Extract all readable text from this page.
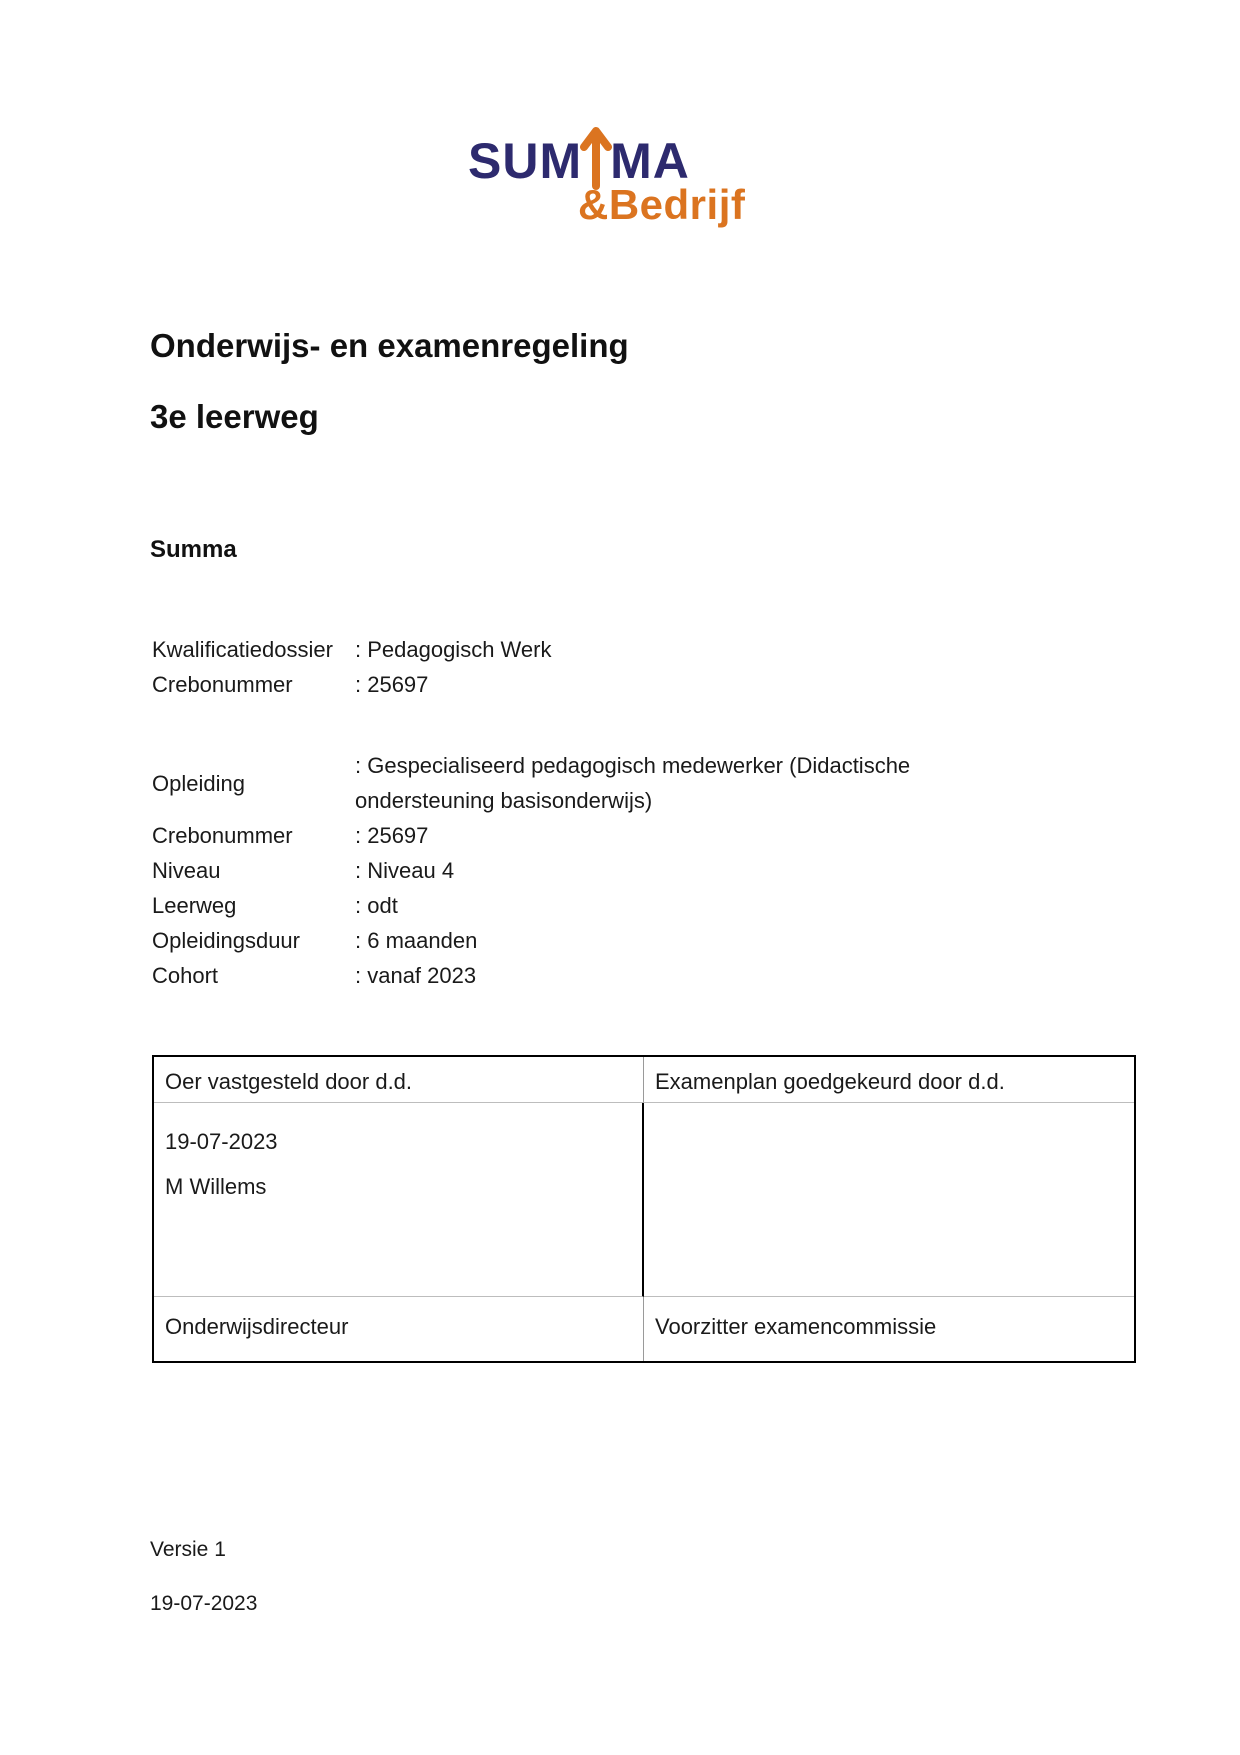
SUM MA
&Bedrijf
Onderwijs- en examenregeling
3e leerweg
Summa
Kwalificatiedossier	: Pedagogisch Werk
Crebonummer	: 25697
Opleiding
: Gespecialiseerd pedagogisch medewerker (Didactische ondersteuning basisonderwijs)
Crebonummer	: 25697
Niveau	: Niveau 4
Leerweg	: odt
Opleidingsduur	: 6 maanden
Cohort	: vanaf 2023
Oer vastgesteld door d.d.	Examenplan goedgekeurd door d.d.
19-07-2023
M Willems
Onderwijsdirecteur	Voorzitter examencommissie
Versie 1
19-07-2023
